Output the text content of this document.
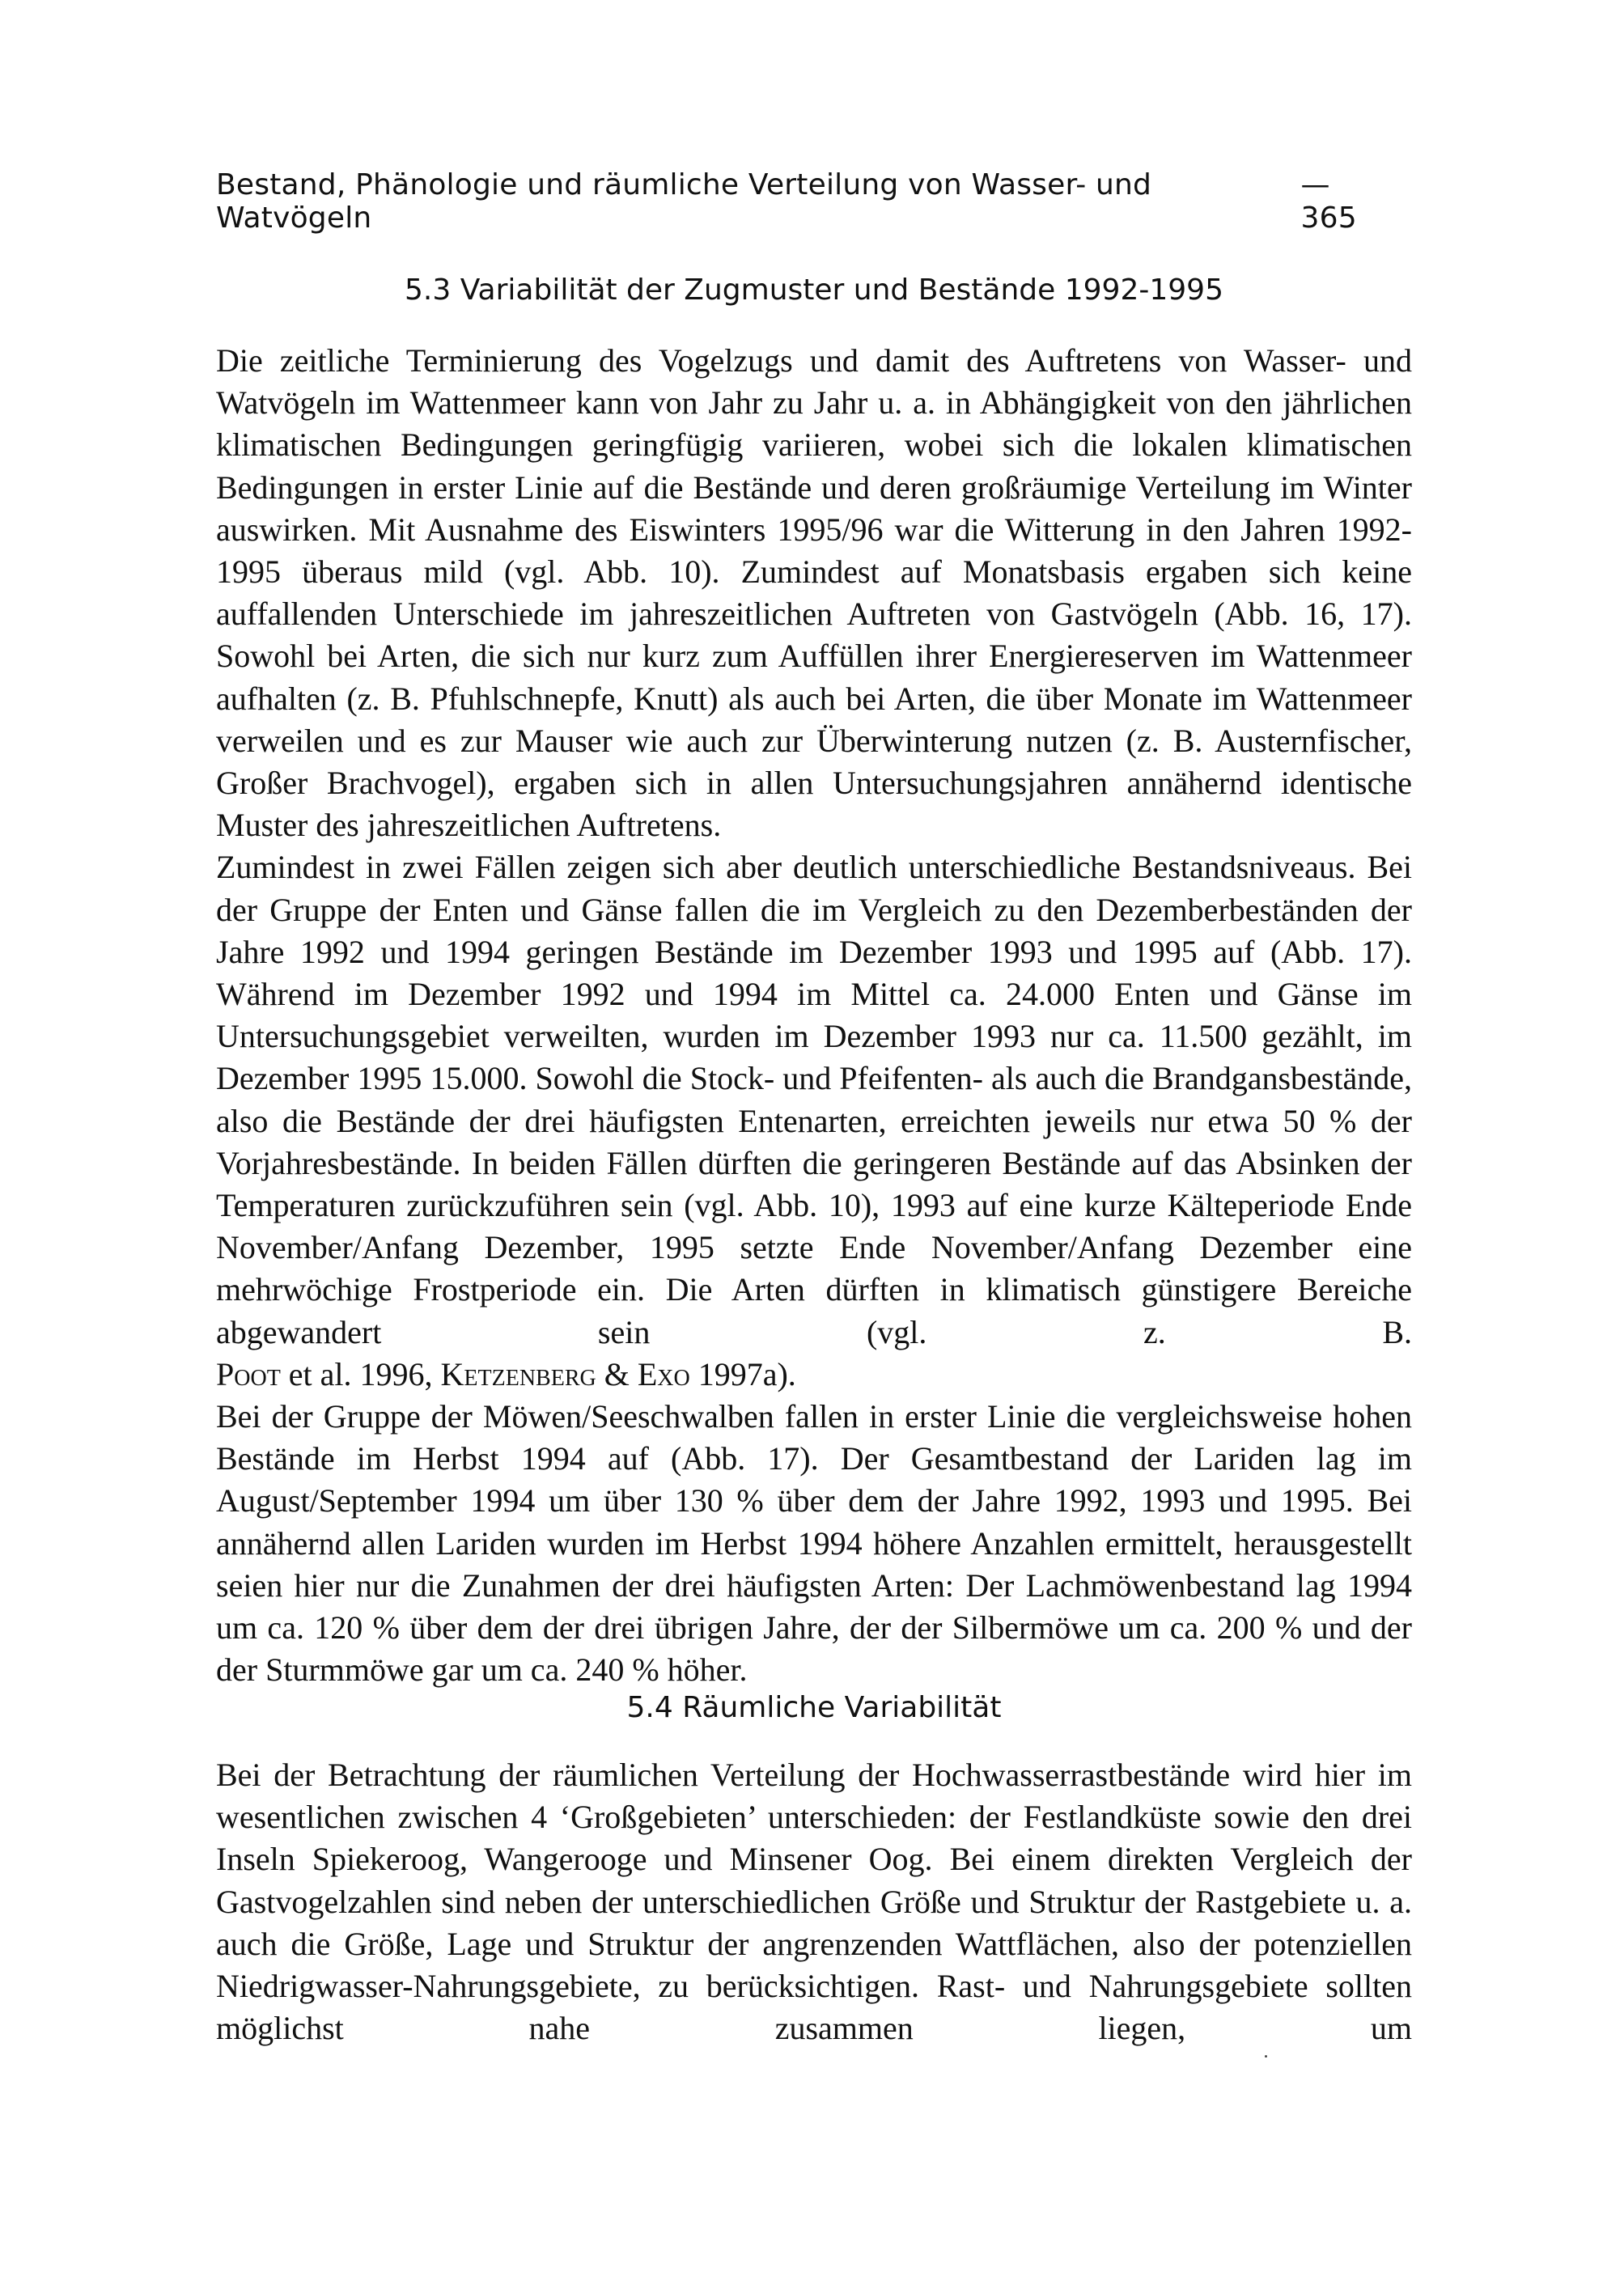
Bestand, Phänologie und räumliche Verteilung von Wasser- und Watvögeln
—365
5.3 Variabilität der Zugmuster und Bestände 1992-1995

Die zeitliche Terminierung des Vogelzugs und damit des Auftretens von Wasser- und Watvögeln im Wattenmeer kann von Jahr zu Jahr u. a. in Abhängigkeit von den jährlichen klimatischen Bedingungen geringfügig variieren, wobei sich die lokalen klimatischen Bedingungen in erster Linie auf die Bestände und deren großräumige Verteilung im Winter auswirken. Mit Ausnahme des Eiswinters 1995/96 war die Witterung in den Jahren 1992-1995 überaus mild (vgl. Abb. 10). Zumindest auf Monatsbasis ergaben sich keine auffallenden Unterschiede im jahreszeitlichen Auftreten von Gastvögeln (Abb. 16, 17). Sowohl bei Arten, die sich nur kurz zum Auffüllen ihrer Energiereserven im Wattenmeer aufhalten (z. B. Pfuhlschnepfe, Knutt) als auch bei Arten, die über Monate im Wattenmeer verweilen und es zur Mauser wie auch zur Überwinterung nutzen (z. B. Austernfischer, Großer Brachvogel), ergaben sich in allen Untersuchungsjahren annähernd identische Muster des jahreszeitlichen Auftretens.

Zumindest in zwei Fällen zeigen sich aber deutlich unterschiedliche Bestandsniveaus. Bei der Gruppe der Enten und Gänse fallen die im Vergleich zu den Dezemberbeständen der Jahre 1992 und 1994 geringen Bestände im Dezember 1993 und 1995 auf (Abb. 17). Während im Dezember 1992 und 1994 im Mittel ca. 24.000 Enten und Gänse im Untersuchungsgebiet verweilten, wurden im Dezember 1993 nur ca. 11.500 gezählt, im Dezember 1995 15.000. Sowohl die Stock- und Pfeifenten- als auch die Brandgansbestände, also die Bestände der drei häufigsten Entenarten, erreichten jeweils nur etwa 50 % der Vorjahresbestände. In beiden Fällen dürften die geringeren Bestände auf das Absinken der Temperaturen zurückzuführen sein (vgl. Abb. 10), 1993 auf eine kurze Kälteperiode Ende November/Anfang Dezember, 1995 setzte Ende November/Anfang Dezember eine mehrwöchige Frostperiode ein. Die Arten dürften in klimatisch günstigere Bereiche abgewandert sein (vgl. z. B.

Poot et al. 1996, Ketzenberg & Exo 1997a).

Bei der Gruppe der Möwen/Seeschwalben fallen in erster Linie die vergleichsweise hohen Bestände im Herbst 1994 auf (Abb. 17). Der Gesamtbestand der Lariden lag im August/September 1994 um über 130 % über dem der Jahre 1992, 1993 und 1995. Bei annähernd allen Lariden wurden im Herbst 1994 höhere Anzahlen ermittelt, herausgestellt seien hier nur die Zunahmen der drei häufigsten Arten: Der Lachmöwenbestand lag 1994 um ca. 120 % über dem der drei übrigen Jahre, der der Silbermöwe um ca. 200 % und der der Sturmmöwe gar um ca. 240 % höher.

5.4 Räumliche Variabilität

Bei der Betrachtung der räumlichen Verteilung der Hochwasserrastbestände wird hier im wesentlichen zwischen 4 ‘Großgebieten’ unterschieden: der Festlandküste sowie den drei Inseln Spiekeroog, Wangerooge und Minsener Oog. Bei einem direkten Vergleich der Gastvogelzahlen sind neben der unterschiedlichen Größe und Struktur der Rastgebiete u. a. auch die Größe, Lage und Struktur der angrenzenden Wattflächen, also der potenziellen Niedrigwasser-Nahrungsgebiete, zu berücksichtigen. Rast- und Nahrungsgebiete sollten möglichst nahe zusammen liegen, um
